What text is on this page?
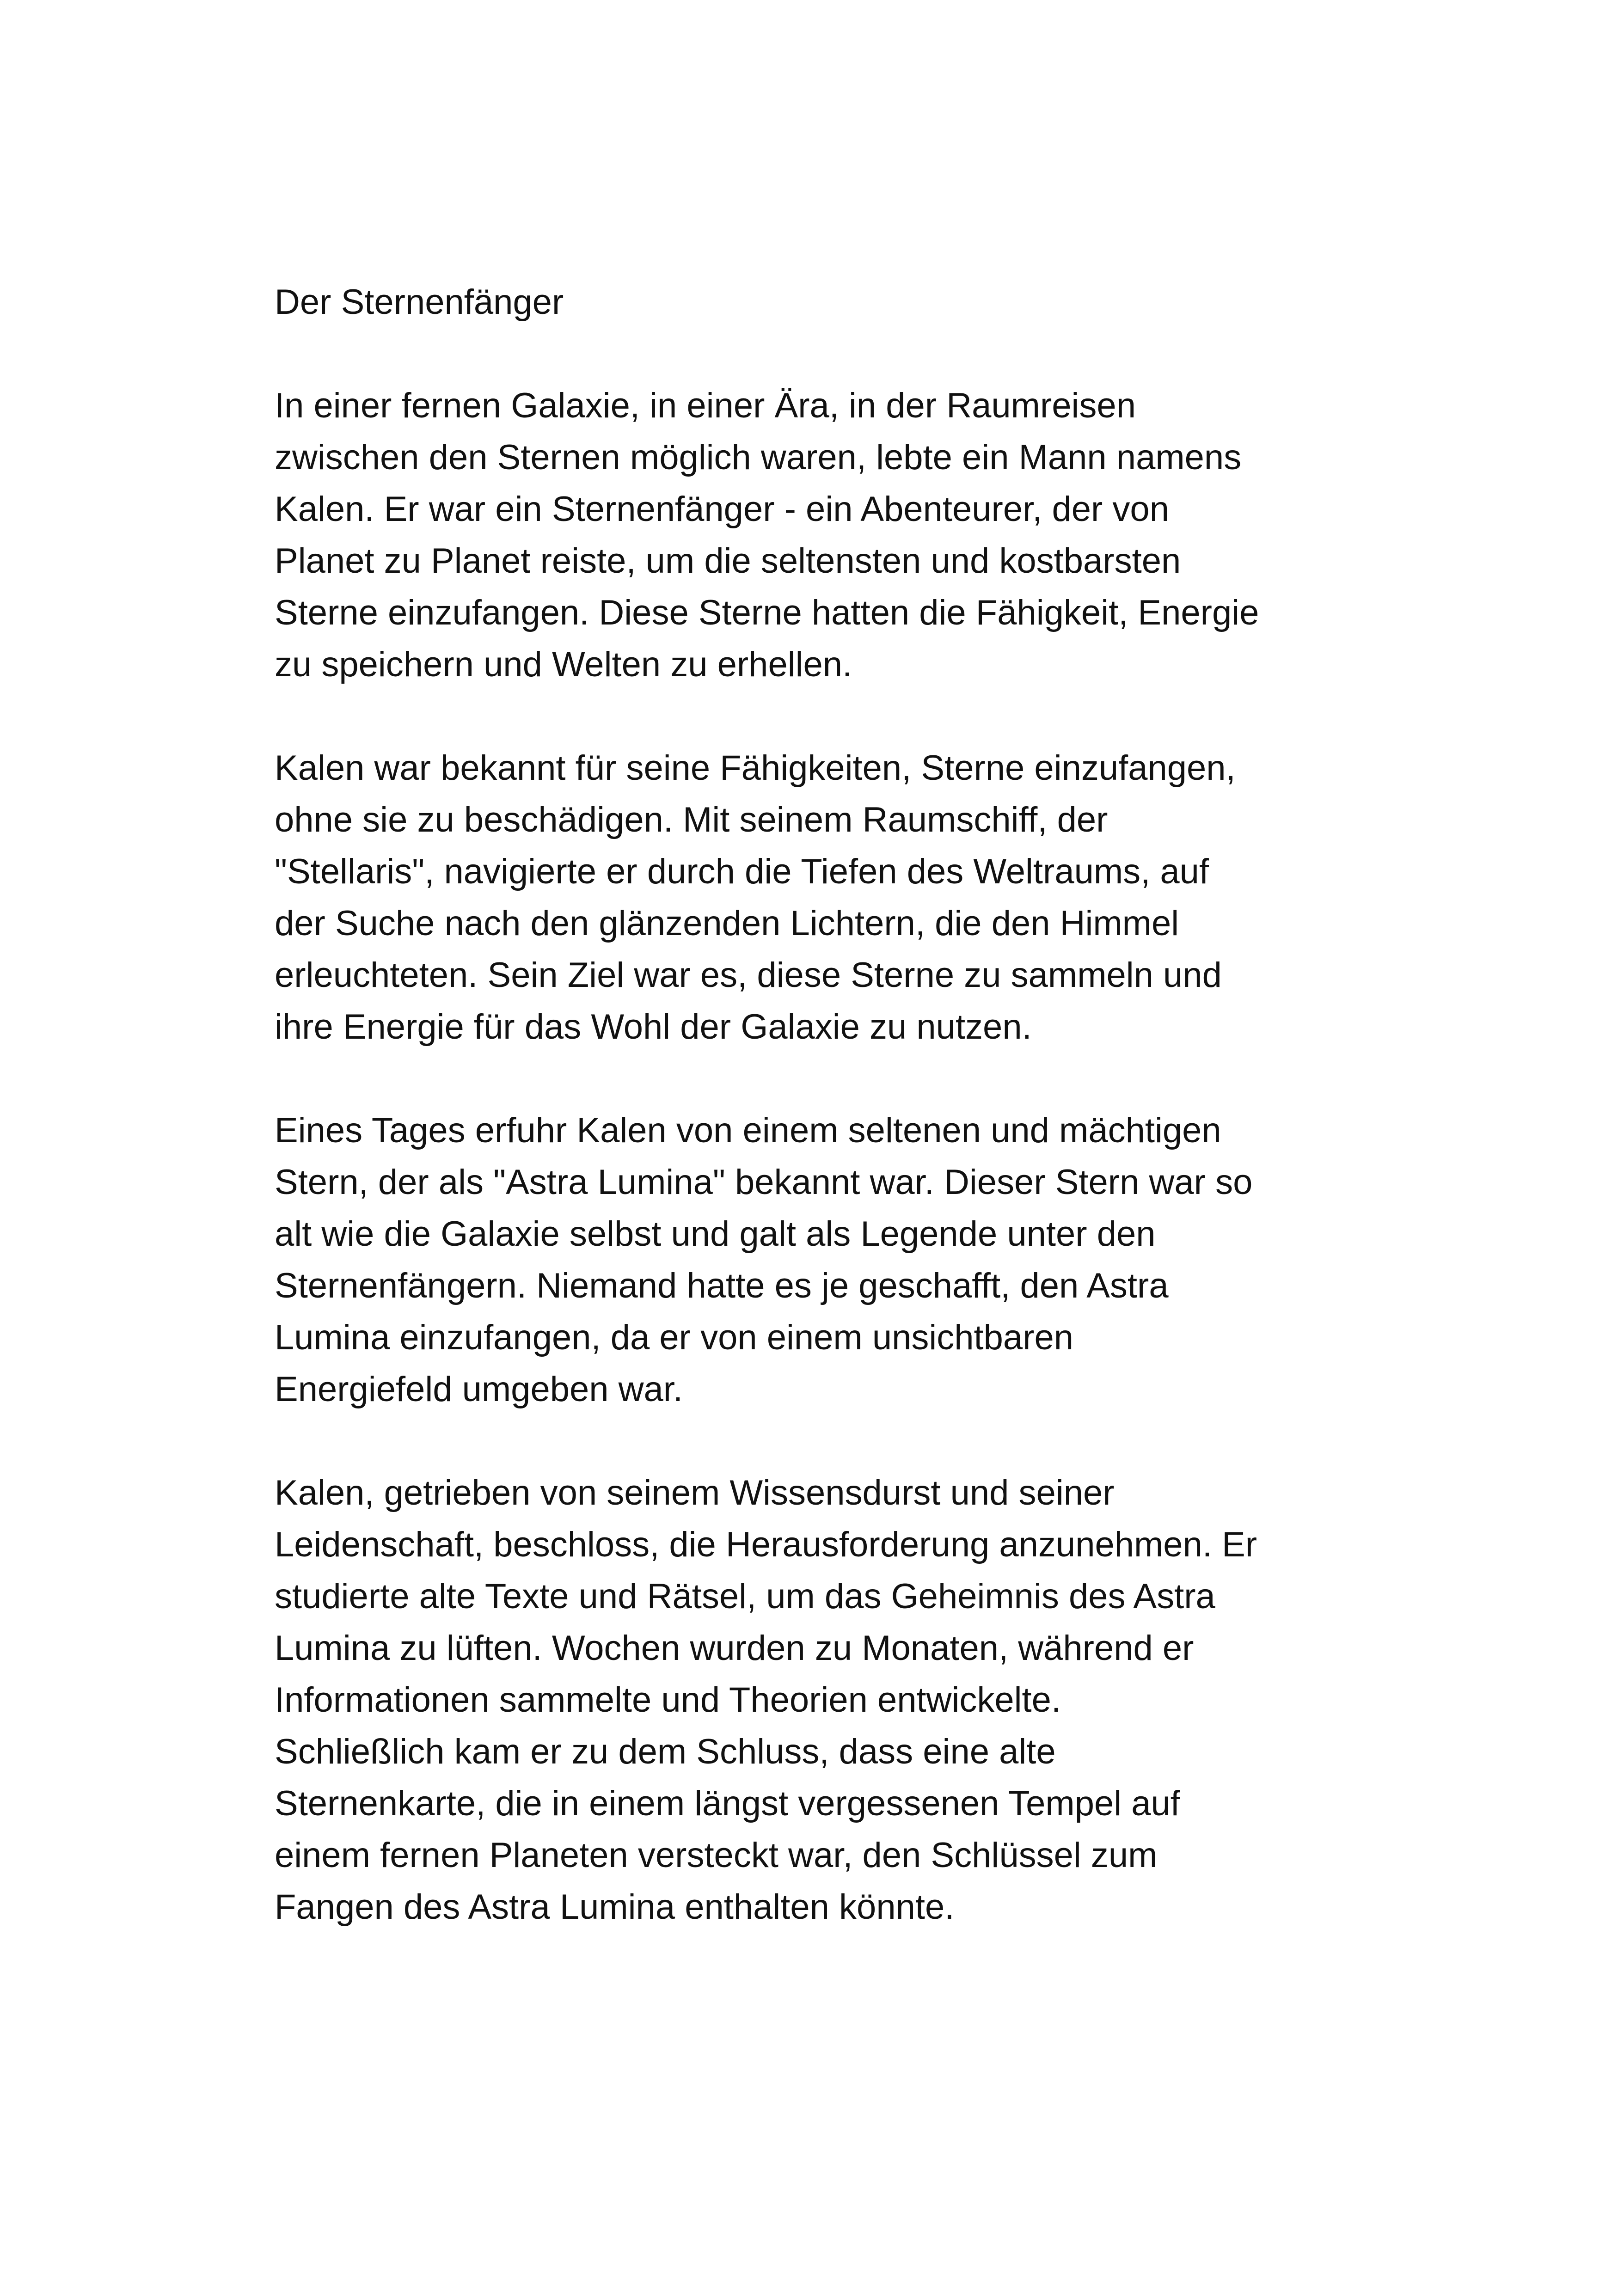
Der Sternenfänger

In einer fernen Galaxie, in einer Ära, in der Raumreisen
zwischen den Sternen möglich waren, lebte ein Mann namens
Kalen. Er war ein Sternenfänger - ein Abenteurer, der von
Planet zu Planet reiste, um die seltensten und kostbarsten
Sterne einzufangen. Diese Sterne hatten die Fähigkeit, Energie
zu speichern und Welten zu erhellen.

Kalen war bekannt für seine Fähigkeiten, Sterne einzufangen,
ohne sie zu beschädigen. Mit seinem Raumschiff, der
"Stellaris", navigierte er durch die Tiefen des Weltraums, auf
der Suche nach den glänzenden Lichtern, die den Himmel
erleuchteten. Sein Ziel war es, diese Sterne zu sammeln und
ihre Energie für das Wohl der Galaxie zu nutzen.

Eines Tages erfuhr Kalen von einem seltenen und mächtigen
Stern, der als "Astra Lumina" bekannt war. Dieser Stern war so
alt wie die Galaxie selbst und galt als Legende unter den
Sternenfängern. Niemand hatte es je geschafft, den Astra
Lumina einzufangen, da er von einem unsichtbaren
Energiefeld umgeben war.

Kalen, getrieben von seinem Wissensdurst und seiner
Leidenschaft, beschloss, die Herausforderung anzunehmen. Er
studierte alte Texte und Rätsel, um das Geheimnis des Astra
Lumina zu lüften. Wochen wurden zu Monaten, während er
Informationen sammelte und Theorien entwickelte.
Schließlich kam er zu dem Schluss, dass eine alte
Sternenkarte, die in einem längst vergessenen Tempel auf
einem fernen Planeten versteckt war, den Schlüssel zum
Fangen des Astra Lumina enthalten könnte.
